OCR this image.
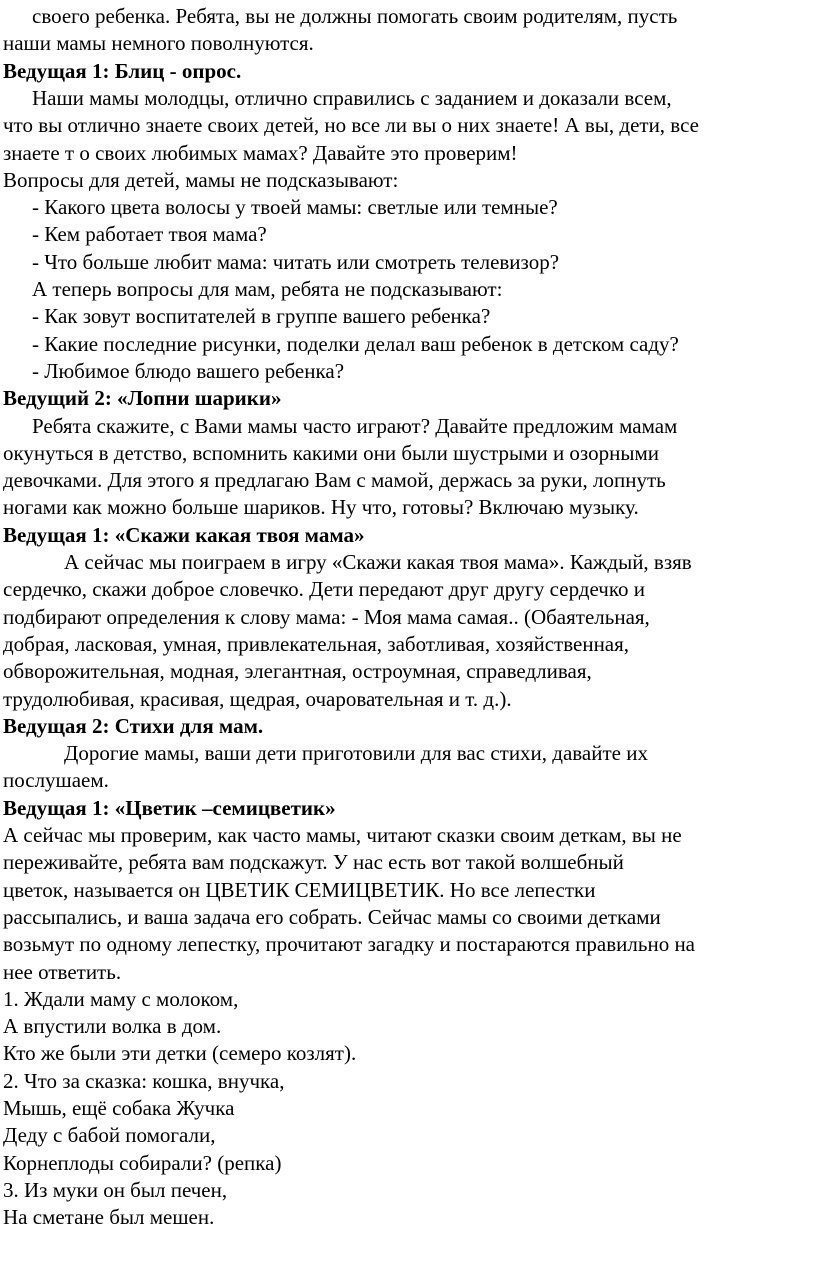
своего ребенка. Ребята, вы не должны помогать своим родителям, пусть
наши мамы немного поволнуются.
Ведущая 1: Блиц - опрос.
Наши мамы молодцы, отлично справились с заданием и доказали всем,
что вы отлично знаете своих детей, но все ли вы о них знаете! А вы, дети, все
знаете т о своих любимых мамах? Давайте это проверим!
Вопросы для детей, мамы не подсказывают:
- Какого цвета волосы у твоей мамы: светлые или темные?
- Кем работает твоя мама?
- Что больше любит мама: читать или смотреть телевизор?
А теперь вопросы для мам, ребята не подсказывают:
- Как зовут воспитателей в группе вашего ребенка?
- Какие последние рисунки, поделки делал ваш ребенок в детском саду?
- Любимое блюдо вашего ребенка?
Ведущий 2: «Лопни шарики»
Ребята скажите, с Вами мамы часто играют? Давайте предложим мамам
окунуться в детство, вспомнить какими они были шустрыми и озорными
девочками. Для этого я предлагаю Вам с мамой, держась за руки, лопнуть
ногами как можно больше шариков. Ну что, готовы? Включаю музыку.
Ведущая 1: «Скажи какая твоя мама»
А сейчас мы поиграем в игру «Скажи какая твоя мама». Каждый, взяв
сердечко, скажи доброе словечко. Дети передают друг другу сердечко и
подбирают определения к слову мама: - Моя мама самая.. (Обаятельная,
добрая, ласковая, умная, привлекательная, заботливая, хозяйственная,
обворожительная, модная, элегантная, остроумная, справедливая,
трудолюбивая, красивая, щедрая, очаровательная и т. д.).
Ведущая 2: Стихи для мам.
Дорогие мамы, ваши дети приготовили для вас стихи, давайте их
послушаем.
Ведущая 1: «Цветик –семицветик»
А сейчас мы проверим, как часто мамы, читают сказки своим деткам, вы не
переживайте, ребята вам подскажут. У нас есть вот такой волшебный
цветок, называется он ЦВЕТИК СЕМИЦВЕТИК. Но все лепестки
рассыпались, и ваша задача его собрать. Сейчас мамы со своими детками
возьмут по одному лепестку, прочитают загадку и постараются правильно на
нее ответить.
1. Ждали маму с молоком,
А впустили волка в дом.
Кто же были эти детки (семеро козлят).
2. Что за сказка: кошка, внучка,
Мышь, ещё собака Жучка
Деду с бабой помогали,
Корнеплоды собирали? (репка)
3. Из муки он был печен,
На сметане был мешен.
